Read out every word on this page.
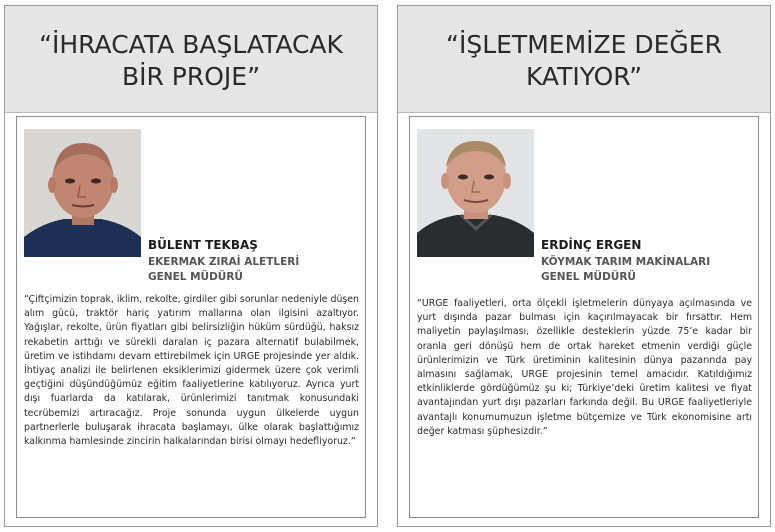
“İHRACATA BAŞLATACAK
BİR PROJE”
BÜLENT TEKBAŞ
EKERMAK ZIRAİ ALETLERİ
GENEL MÜDÜRÜ
“Çiftçimizin toprak, iklim, rekolte, girdiler gibi sorunlar nedeniyle düşen alım gücü, traktör hariç yatırım mallarına olan ilgisini azaltıyor. Yağışlar, rekolte, ürün fiyatları gibi belirsizliğin hüküm sürdüğü, haksız rekabetin arttığı ve sürekli daralan iç pazara alternatif bulabilmek, üretim ve istihdamı devam ettirebilmek için URGE projesinde yer aldık. İhtiyaç analizi ile belirlenen eksiklerimizi gidermek üzere çok verimli geçtiğini düşündüğümüz eğitim faaliyetlerine katılıyoruz. Ayrıca yurt dışı fuarlarda da katılarak, ürünlerimizi tanıtmak konusundaki tecrübemizi artıracağız. Proje sonunda uygun ülkelerde uygun partnerlerle buluşarak ihracata başlamayı, ülke olarak başlattığımız kalkınma hamlesinde zincirin halkalarından birisi olmayı hedefliyoruz.”
“İŞLETMEMİZE DEĞER
KATIYOR”
ERDİNÇ ERGEN
KÖYMAK TARIM MAKİNALARI
GENEL MÜDÜRÜ
“URGE faaliyetleri, orta ölçekli işletmelerin dünyaya açılmasında ve yurt dışında pazar bulması için kaçırılmayacak bir fırsattır. Hem maliyetin paylaşılması, özellikle desteklerin yüzde 75’e kadar bir oranla geri dönüşü hem de ortak hareket etmenin verdiği güçle ürünlerimizin ve Türk üretiminin kalitesinin dünya pazarında pay almasını sağlamak, URGE projesinin temel amacıdır. Katıldığımız etkinliklerde gördüğümüz şu ki; Türkiye’deki üretim kalitesi ve fiyat avantajından yurt dışı pazarları farkında değil. Bu URGE faaliyetleriyle avantajlı konumumuzun işletme bütçemize ve Türk ekonomisine artı değer katması şüphesizdir.”
